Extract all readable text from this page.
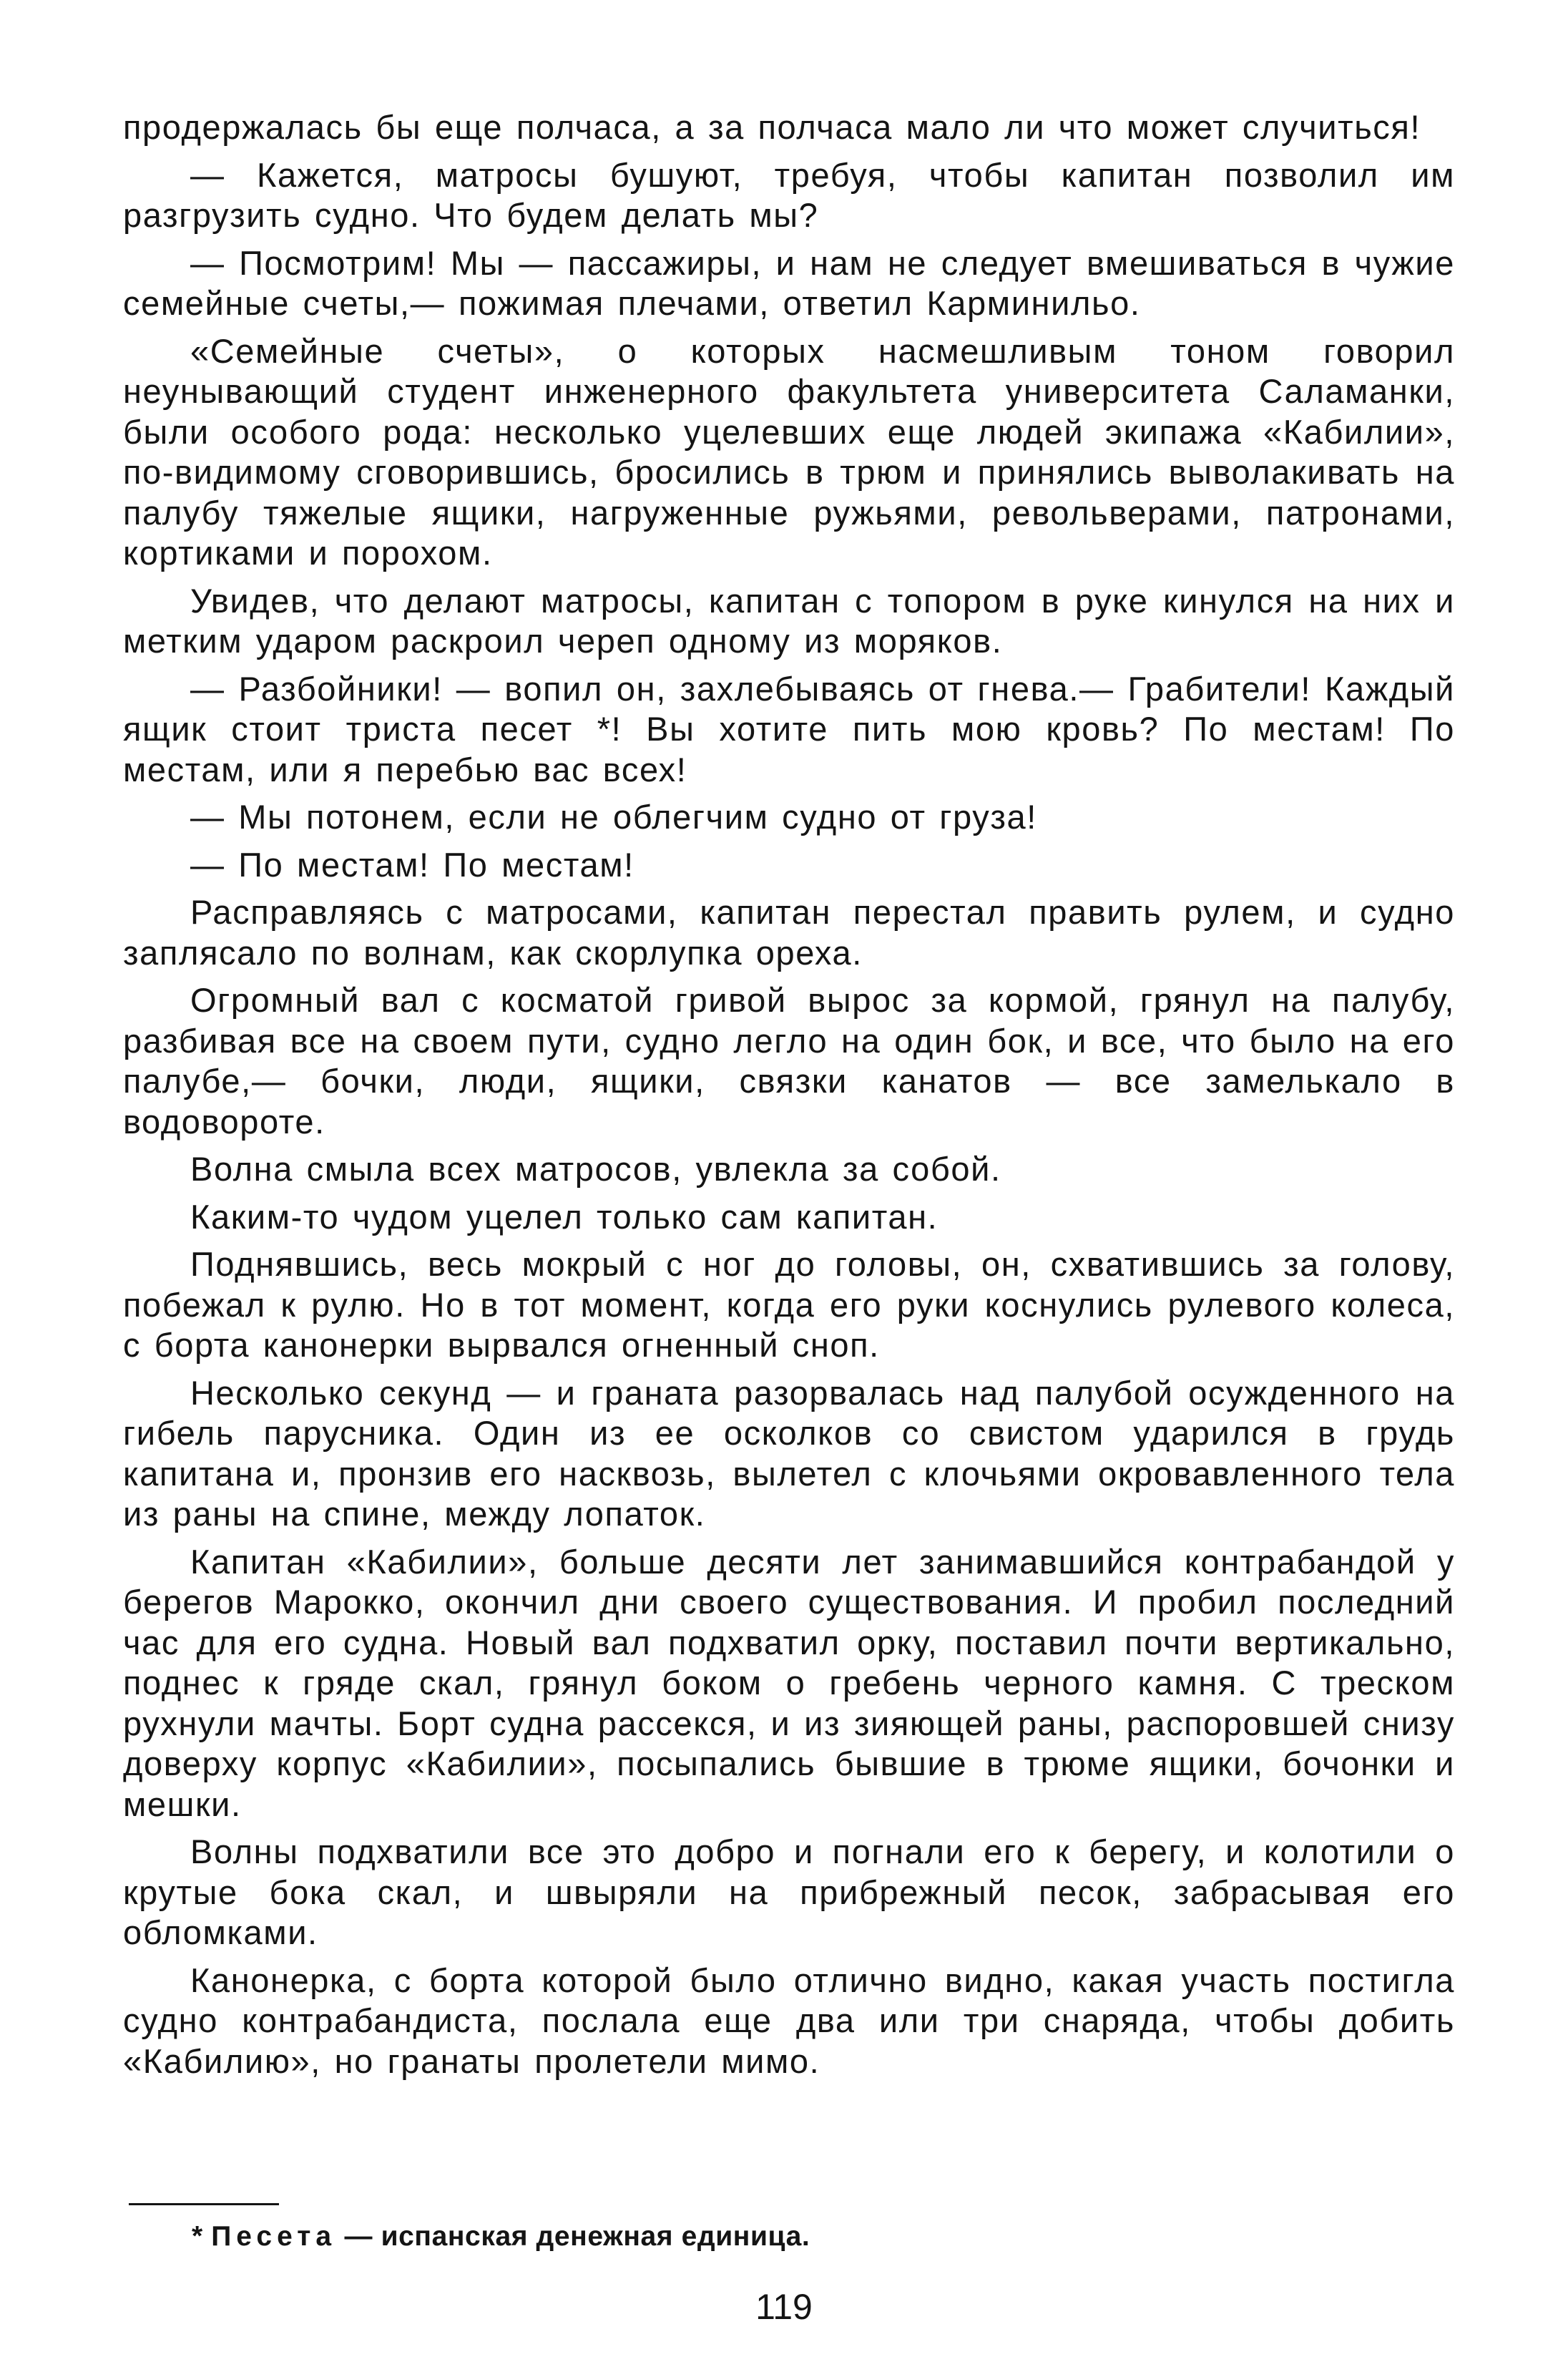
продержалась бы еще полчаса, а за полчаса мало ли что может случиться!

— Кажется, матросы бушуют, требуя, чтобы капитан позволил им разгрузить судно. Что будем делать мы?

— Посмотрим! Мы — пассажиры, и нам не следует вмешиваться в чужие семейные счеты,— пожимая плечами, ответил Карминильо.

«Семейные счеты», о которых насмешливым тоном говорил неунывающий студент инженерного факультета университета Саламанки, были особого рода: несколько уцелевших еще людей экипажа «Кабилии», по-видимому сговорившись, бросились в трюм и принялись выволакивать на палубу тяжелые ящики, нагруженные ружьями, револьверами, патронами, кортиками и порохом.

Увидев, что делают матросы, капитан с топором в руке кинулся на них и метким ударом раскроил череп одному из моряков.

— Разбойники! — вопил он, захлебываясь от гнева.— Грабители! Каждый ящик стоит триста песет *! Вы хотите пить мою кровь? По местам! По местам, или я перебью вас всех!

— Мы потонем, если не облегчим судно от груза!

— По местам! По местам!

Расправляясь с матросами, капитан перестал править рулем, и судно заплясало по волнам, как скорлупка ореха.

Огромный вал с косматой гривой вырос за кормой, грянул на палубу, разбивая все на своем пути, судно легло на один бок, и все, что было на его палубе,— бочки, люди, ящики, связки канатов — все замелькало в водовороте.

Волна смыла всех матросов, увлекла за собой.

Каким-то чудом уцелел только сам капитан.

Поднявшись, весь мокрый с ног до головы, он, схватившись за голову, побежал к рулю. Но в тот момент, когда его руки коснулись рулевого колеса, с борта канонерки вырвался огненный сноп.

Несколько секунд — и граната разорвалась над палубой осужденного на гибель парусника. Один из ее осколков со свистом ударился в грудь капитана и, пронзив его насквозь, вылетел с клочьями окровавленного тела из раны на спине, между лопаток.

Капитан «Кабилии», больше десяти лет занимавшийся контрабандой у берегов Марокко, окончил дни своего существования. И пробил последний час для его судна. Новый вал подхватил орку, поставил почти вертикально, поднес к гряде скал, грянул боком о гребень черного камня. С треском рухнули мачты. Борт судна рассекся, и из зияющей раны, распоровшей снизу доверху корпус «Кабилии», посыпались бывшие в трюме ящики, бочонки и мешки.

Волны подхватили все это добро и погнали его к берегу, и колотили о крутые бока скал, и швыряли на прибрежный песок, забрасывая его обломками.

Канонерка, с борта которой было отлично видно, какая участь постигла судно контрабандиста, послала еще два или три снаряда, чтобы добить «Кабилию», но гранаты пролетели мимо.

* Песета — испанская денежная единица.
119
